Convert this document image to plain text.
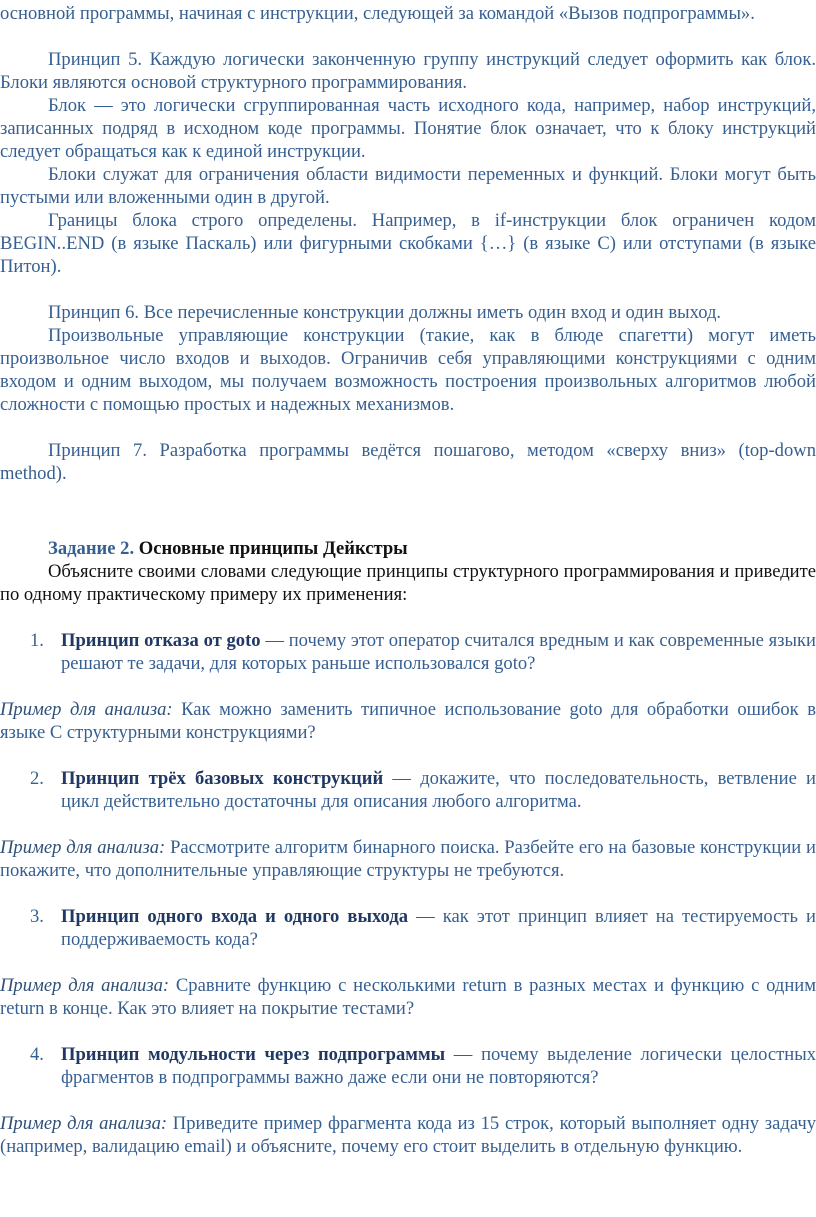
основной программы, начиная с инструкции, следующей за командой «Вызов подпрограммы».

Принцип 5. Каждую логически законченную группу инструкций следует оформить как блок. Блоки являются основой структурного программирования.

Блок — это логически сгруппированная часть исходного кода, например, набор инструкций, записанных подряд в исходном коде программы. Понятие блок означает, что к блоку инструкций следует обращаться как к единой инструкции.

Блоки служат для ограничения области видимости переменных и функций. Блоки могут быть пустыми или вложенными один в другой.

Границы блока строго определены. Например, в if-инструкции блок ограничен кодом BEGIN..END (в языке Паскаль) или фигурными скобками {…} (в языке С) или отступами (в языке Питон).

Принцип 6. Все перечисленные конструкции должны иметь один вход и один выход.

Произвольные управляющие конструкции (такие, как в блюде спагетти) могут иметь произвольное число входов и выходов. Ограничив себя управляющими конструкциями с одним входом и одним выходом, мы получаем возможность построения произвольных алгоритмов любой сложности с помощью простых и надежных механизмов.

Принцип 7. Разработка программы ведётся пошагово, методом «сверху вниз» (top-down method).

Задание 2. Основные принципы Дейкстры

Объясните своими словами следующие принципы структурного программирования и приведите по одному практическому примеру их применения:

1. Принцип отказа от goto — почему этот оператор считался вредным и как современные языки решают те задачи, для которых раньше использовался goto?

Пример для анализа: Как можно заменить типичное использование goto для обработки ошибок в языке C структурными конструкциями?

2. Принцип трёх базовых конструкций — докажите, что последовательность, ветвление и цикл действительно достаточны для описания любого алгоритма.

Пример для анализа: Рассмотрите алгоритм бинарного поиска. Разбейте его на базовые конструкции и покажите, что дополнительные управляющие структуры не требуются.

3. Принцип одного входа и одного выхода — как этот принцип влияет на тестируемость и поддерживаемость кода?

Пример для анализа: Сравните функцию с несколькими return в разных местах и функцию с одним return в конце. Как это влияет на покрытие тестами?

4. Принцип модульности через подпрограммы — почему выделение логически целостных фрагментов в подпрограммы важно даже если они не повторяются?

Пример для анализа: Приведите пример фрагмента кода из 15 строк, который выполняет одну задачу (например, валидацию email) и объясните, почему его стоит выделить в отдельную функцию.
